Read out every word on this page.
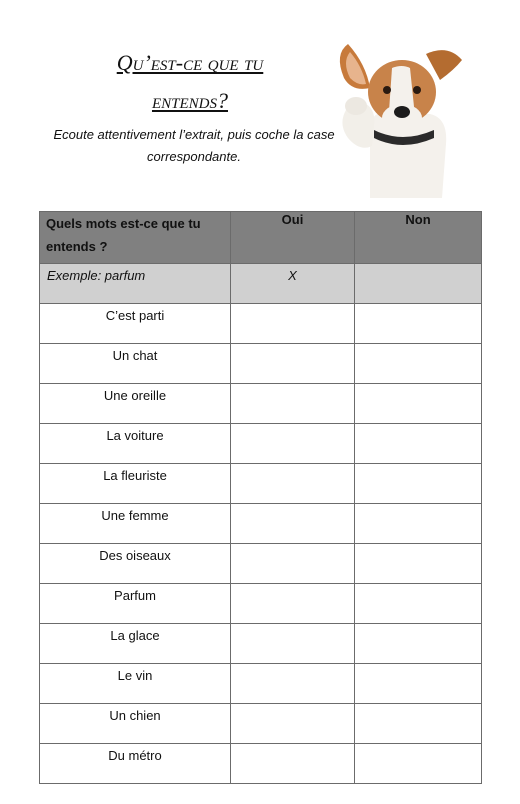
Qu’est-ce que tu
entends?
Ecoute attentivement l’extrait, puis coche la case correspondante.
Quels mots est-ce que tu entends ?	Oui	Non
Exemple: parfum	X	
C’est parti		
Un chat		
Une oreille		
La voiture		
La fleuriste		
Une femme		
Des oiseaux		
Parfum		
La glace		
Le vin		
Un chien		
Du métro		
